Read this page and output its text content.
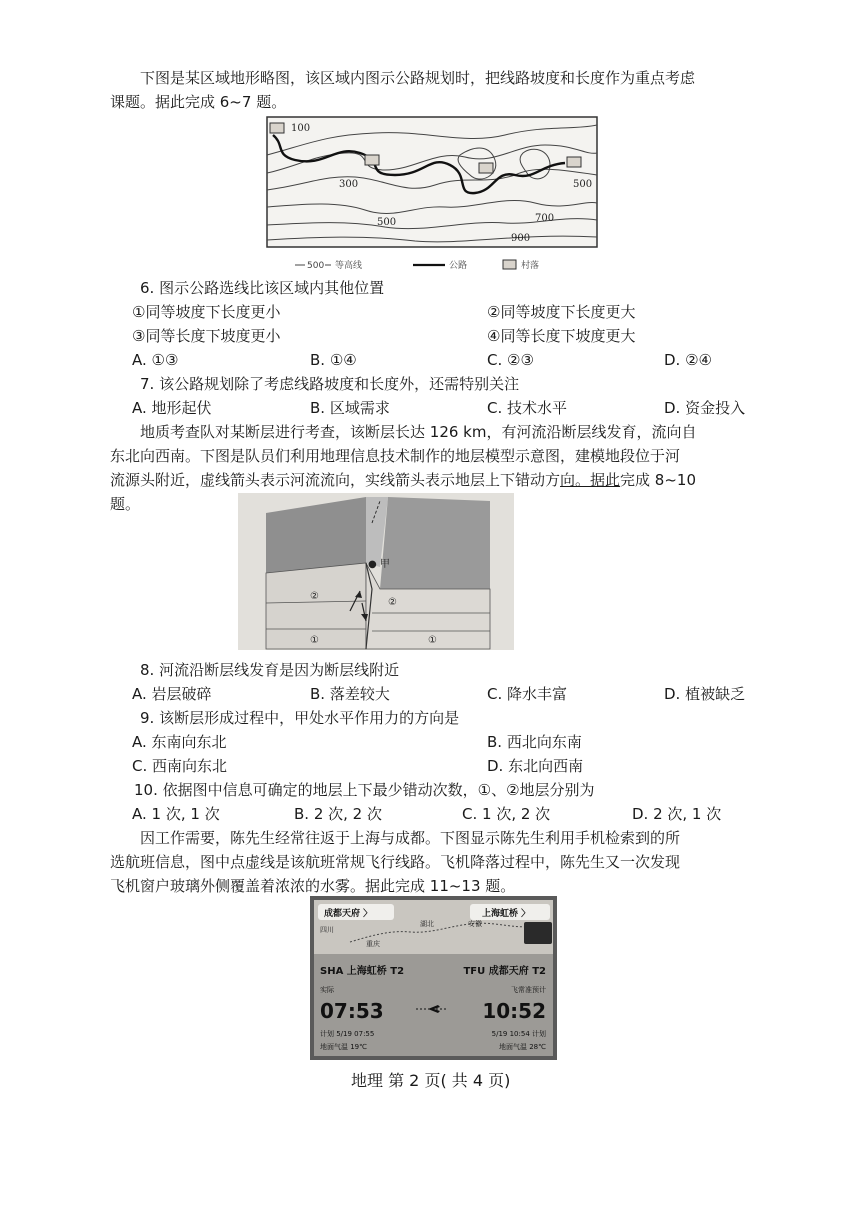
下图是某区域地形略图，该区域内图示公路规划时，把线路坡度和长度作为重点考虑
课题。据此完成 6~7 题。
100
300
500
500
700
900
500 等高线	公路	村落
6. 图示公路选线比该区域内其他位置
①同等坡度下长度更小	②同等坡度下长度更大
③同等长度下坡度更小	④同等长度下坡度更大
A. ①③	B. ①④	C. ②③	D. ②④
7. 该公路规划除了考虑线路坡度和长度外，还需特别关注
A. 地形起伏	B. 区域需求	C. 技术水平	D. 资金投入
地质考查队对某断层进行考查，该断层长达 126 km，有河流沿断层线发育，流向自
东北向西南。下图是队员们利用地理信息技术制作的地层模型示意图，建模地段位于河
流源头附近，虚线箭头表示河流流向，实线箭头表示地层上下错动方向。据此完成 8~10
题。
● 甲
②
②
①	①
8. 河流沿断层线发育是因为断层线附近
A. 岩层破碎	B. 落差较大	C. 降水丰富	D. 植被缺乏
9. 该断层形成过程中，甲处水平作用力的方向是
A. 东南向东北	B. 西北向东南
C. 西南向东北	D. 东北向西南
10. 依据图中信息可确定的地层上下最少错动次数，①、②地层分别为
A. 1 次, 1 次	B. 2 次, 2 次	C. 1 次, 2 次	D. 2 次, 1 次
因工作需要，陈先生经常往返于上海与成都。下图显示陈先生利用手机检索到的所
选航班信息，图中点虚线是该航班常规飞行线路。飞机降落过程中，陈先生又一次发现
飞机窗户玻璃外侧覆盖着浓浓的水雾。据此完成 11~13 题。
成都天府 〉	上海虹桥 〉
四川
重庆
湖北	安徽
SHA 上海虹桥 T2	TFU 成都天府 T2
实际	飞常准预计
07:53	10:52
计划 5/19 07:55	5/19 10:54 计划
地面气温 19℃	地面气温 28℃
地理 第 2 页( 共 4 页)
